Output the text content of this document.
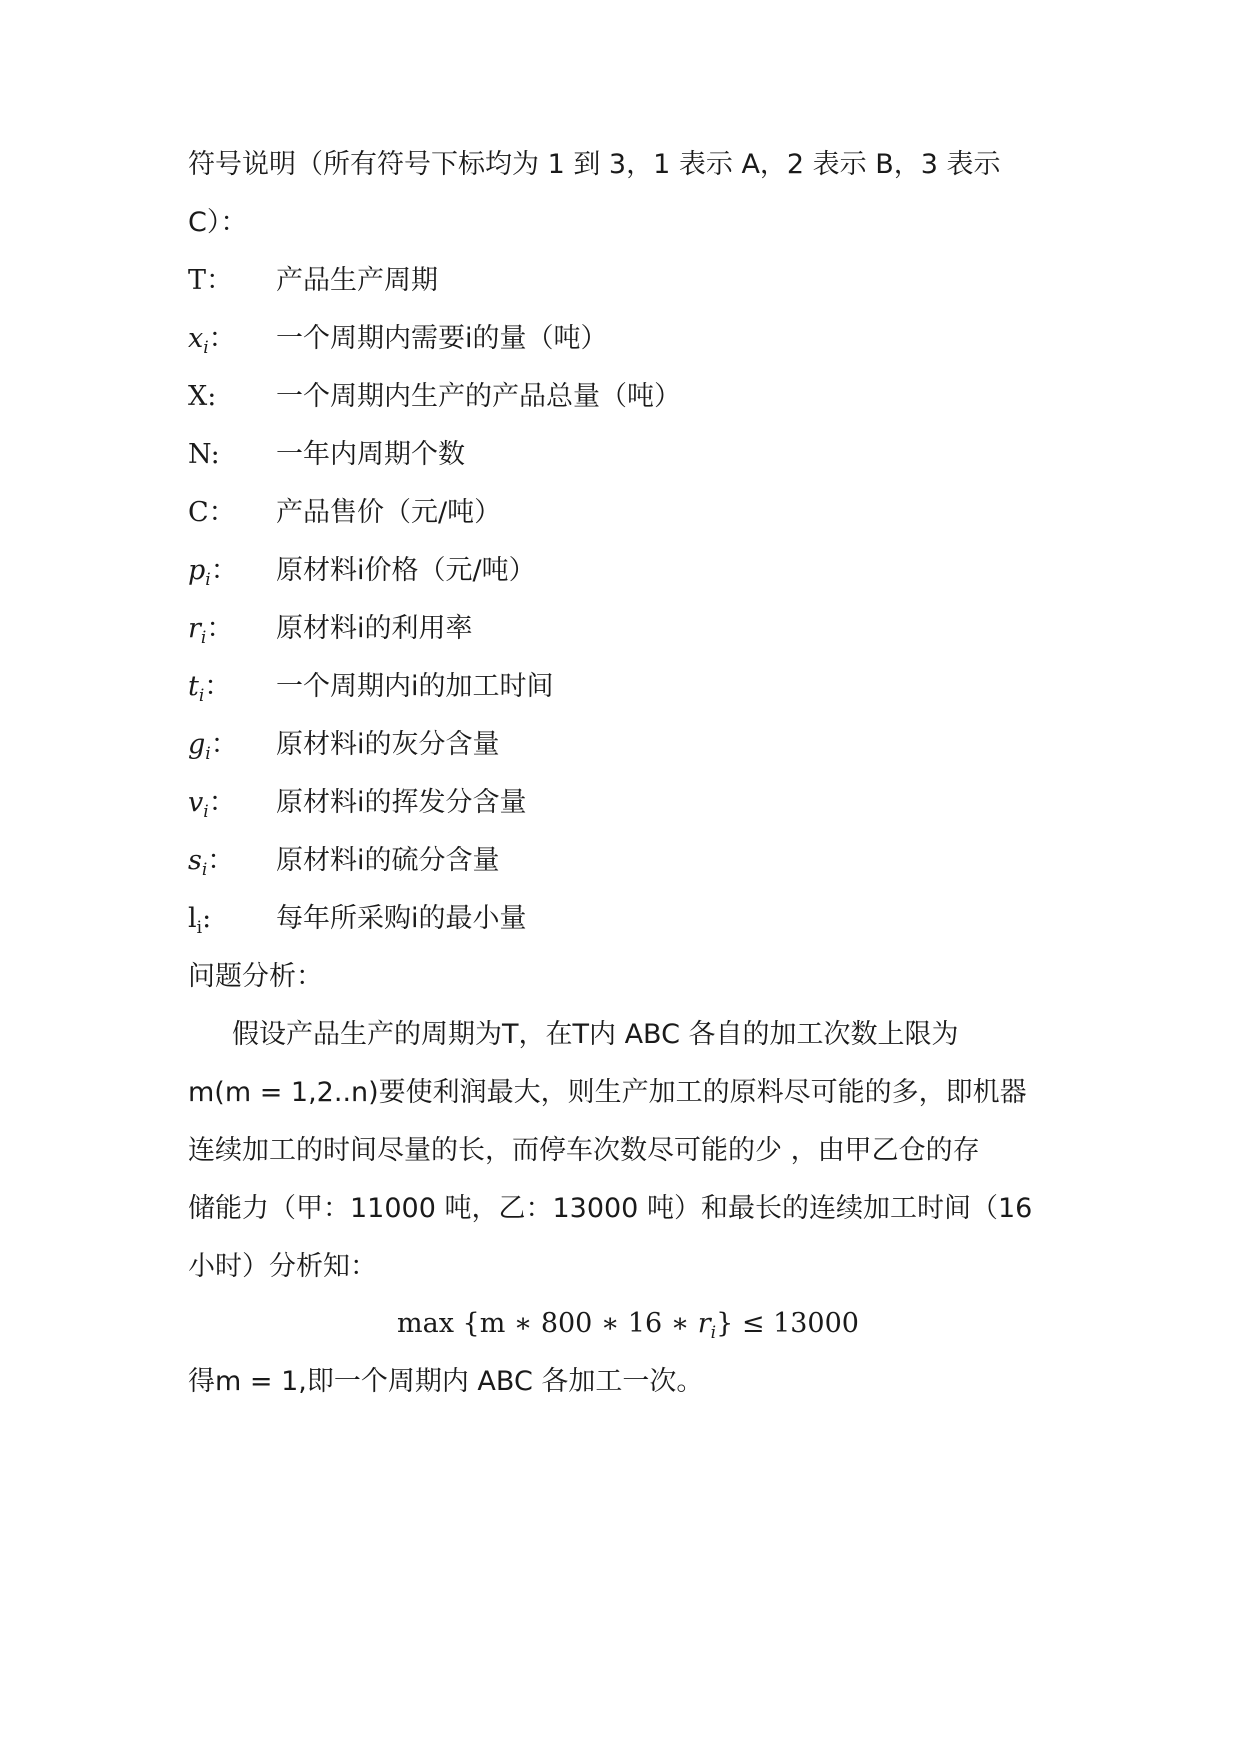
符号说明（所有符号下标均为 1 到 3，1 表示 A，2 表示 B，3 表示
C）：
T：	产品生产周期
$x_i$：	一个周期内需要i的量（吨）
X:	一个周期内生产的产品总量（吨）
N:	一年内周期个数
C：	产品售价（元/吨）
$p_i$：	原材料i价格（元/吨）
$r_i$：	原材料i的利用率
$t_i$：	一个周期内i的加工时间
$g_i$：	原材料i的灰分含量
$v_i$：	原材料i的挥发分含量
$s_i$：	原材料i的硫分含量
$l_i$:	每年所采购i的最小量
问题分析：
假设产品生产的周期为T，在T内 ABC 各自的加工次数上限为
m(m = 1,2..n)要使利润最大，则生产加工的原料尽可能的多，即机器
连续加工的时间尽量的长，而停车次数尽可能的少 ，由甲乙仓的存
储能力（甲：11000 吨，乙：13000 吨）和最长的连续加工时间（16
小时）分析知：
max {m ∗ 800 ∗ 16 ∗ $r_i\} \le 13000$
得m = 1,即一个周期内 ABC 各加工一次。
